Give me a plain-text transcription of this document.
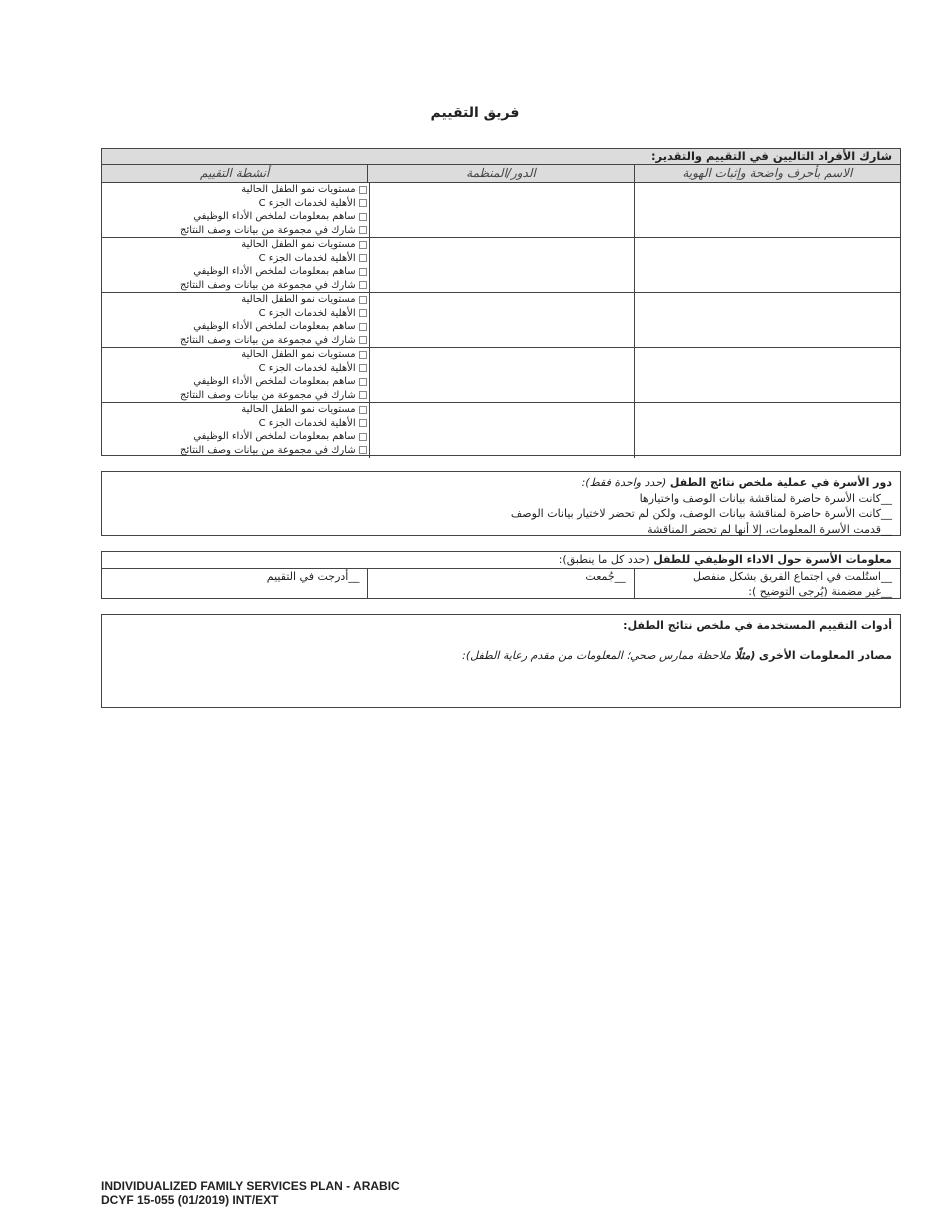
فريق التقييم
شارك الأفراد التاليين في التقييم والتقدير:
الاسم بأحرف واضحة وإثبات الهوية
الدور/المنظمة
أنشطة التقييم
مستويات نمو الطفل الحالية
الأهلية لخدمات الجزء C
ساهم بمعلومات لملخص الأداء الوظيفي
شارك في مجموعة من بيانات وصف النتائج
مستويات نمو الطفل الحالية
الأهلية لخدمات الجزء C
ساهم بمعلومات لملخص الأداء الوظيفي
شارك في مجموعة من بيانات وصف النتائج
مستويات نمو الطفل الحالية
الأهلية لخدمات الجزء C
ساهم بمعلومات لملخص الأداء الوظيفي
شارك في مجموعة من بيانات وصف النتائج
مستويات نمو الطفل الحالية
الأهلية لخدمات الجزء C
ساهم بمعلومات لملخص الأداء الوظيفي
شارك في مجموعة من بيانات وصف النتائج
مستويات نمو الطفل الحالية
الأهلية لخدمات الجزء C
ساهم بمعلومات لملخص الأداء الوظيفي
شارك في مجموعة من بيانات وصف النتائج
دور الأسرة في عملية ملخص نتائج الطفل (حدد واحدة فقط):
__كانت الأسرة حاضرة لمناقشة بيانات الوصف واختيارها
__كانت الأسرة حاضرة لمناقشة بيانات الوصف، ولكن لم تحضر لاختيار بيانات الوصف
__قدمت الأسرة المعلومات، إلا أنها لم تحضر المناقشة
معلومات الأسرة حول الاداء الوظيفي للطفل (حدد كل ما ينطبق):
__استُلمت في اجتماع الفريق بشكل منفصل
__غير مضمنة (يُرجى التوضيح ):
__جُمعت
__أدرجت في التقييم
أدوات التقييم المستخدمة في ملخص نتائج الطفل:
مصادر المعلومات الأخرى (مثلًا ملاحظة ممارس صحي؛ المعلومات من مقدم رعاية الطفل):
INDIVIDUALIZED FAMILY SERVICES PLAN - ARABIC
DCYF 15-055 (01/2019) INT/EXT
